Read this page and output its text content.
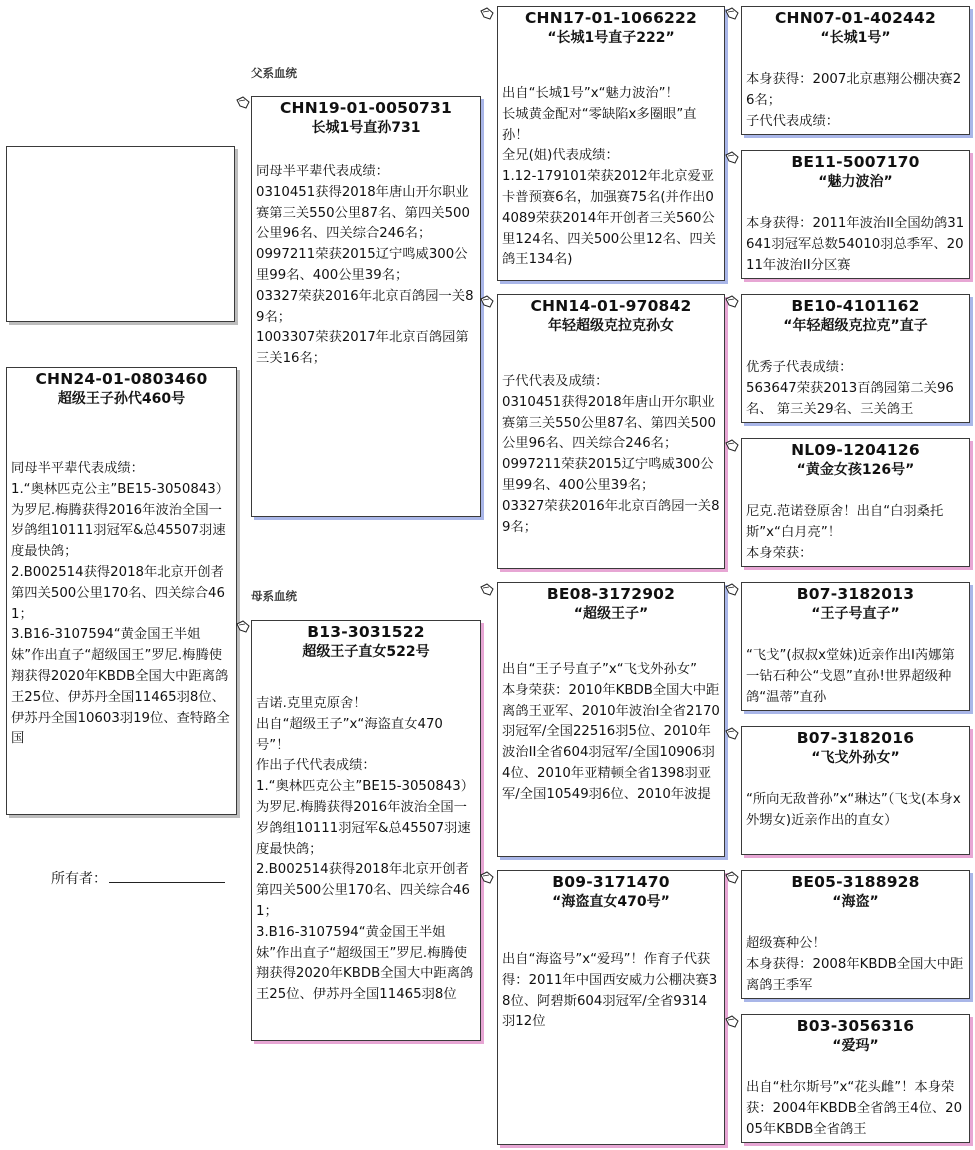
父系血统
母系血统
所有者：
CHN24-01-0803460
超级王子孙代460号
同母半平辈代表成绩：
1.“奥林匹克公主”BE15-3050843）为罗尼.梅腾获得2016年波治全国一岁鸽组10111羽冠军&总45507羽速度最快鸽；
2.B002514获得2018年北京开创者第四关500公里170名、四关综合461；
3.B16-3107594“黄金国王半姐妹”作出直子“超级国王”罗尼.梅腾使翔获得2020年KBDB全国大中距离鸽王25位、伊苏丹全国11465羽8位、伊苏丹全国10603羽19位、查特路全国
CHN19-01-0050731
长城1号直孙731
同母半平辈代表成绩：
0310451获得2018年唐山开尔职业赛第三关550公里87名、第四关500公里96名、四关综合246名；
0997211荣获2015辽宁鸣威300公里99名、400公里39名；
03327荣获2016年北京百鸽园一关89名；
1003307荣获2017年北京百鸽园第三关16名；
B13-3031522
超级王子直女522号
吉诺.克里克原舍！
出自“超级王子”x“海盗直女470号”！
作出子代代表成绩：
1.“奥林匹克公主”BE15-3050843）为罗尼.梅腾获得2016年波治全国一岁鸽组10111羽冠军&总45507羽速度最快鸽；
2.B002514获得2018年北京开创者第四关500公里170名、四关综合461；
3.B16-3107594“黄金国王半姐妹”作出直子“超级国王”罗尼.梅腾使翔获得2020年KBDB全国大中距离鸽王25位、伊苏丹全国11465羽8位
CHN17-01-1066222
“长城1号直子222”
出自“长城1号”x“魅力波治”！
长城黄金配对“零缺陷x多圈眼”直孙！
全兄(姐)代表成绩：
1.12-179101荣获2012年北京爱亚卡普预赛6名，加强赛75名(并作出04089荣获2014年开创者三关560公里124名、四关500公里12名、四关鸽王134名)
CHN14-01-970842
年轻超级克拉克孙女
子代代表及成绩：
0310451获得2018年唐山开尔职业赛第三关550公里87名、第四关500公里96名、四关综合246名；
0997211荣获2015辽宁鸣威300公里99名、400公里39名；
03327荣获2016年北京百鸽园一关89名；
BE08-3172902
“超级王子”
出自“王子号直子”x“飞戈外孙女”
本身荣获：2010年KBDB全国大中距离鸽王亚军、2010年波治I全省2170羽冠军/全国22516羽5位、2010年波治II全省604羽冠军/全国10906羽4位、2010年亚精顿全省1398羽亚军/全国10549羽6位、2010年波提
B09-3171470
“海盗直女470号”
出自“海盗号”x“爱玛”！作育子代获得：2011年中国西安威力公棚决赛38位、阿碧斯604羽冠军/全省9314羽12位
CHN07-01-402442
“长城1号”
本身获得：2007北京惠翔公棚决赛26名；
子代代表成绩：
BE11-5007170
“魅力波治”
本身获得：2011年波治II全国幼鸽31641羽冠军总数54010羽总季军、2011年波治II分区赛
BE10-4101162
“年轻超级克拉克”直子
优秀子代表成绩：
563647荣获2013百鸽园第二关96名、 第三关29名、三关鸽王
NL09-1204126
“黄金女孩126号”
尼克.范诺登原舍！出自“白羽桑托斯”x“白月亮”！
本身荣获：
B07-3182013
“王子号直子”
“飞戈”(叔叔x堂妹)近亲作出I芮娜第一钻石种公“戈恩”直孙!世界超级种鸽“温蒂”直孙
B07-3182016
“飞戈外孙女”
“所向无敌普孙”x“琳达”（飞戈(本身x外甥女)近亲作出的直女）
BE05-3188928
“海盗”
超级赛种公！
本身获得：2008年KBDB全国大中距离鸽王季军
B03-3056316
“爱玛”
出自“杜尔斯号”x“花头雌”！本身荣获：2004年KBDB全省鸽王4位、2005年KBDB全省鸽王
